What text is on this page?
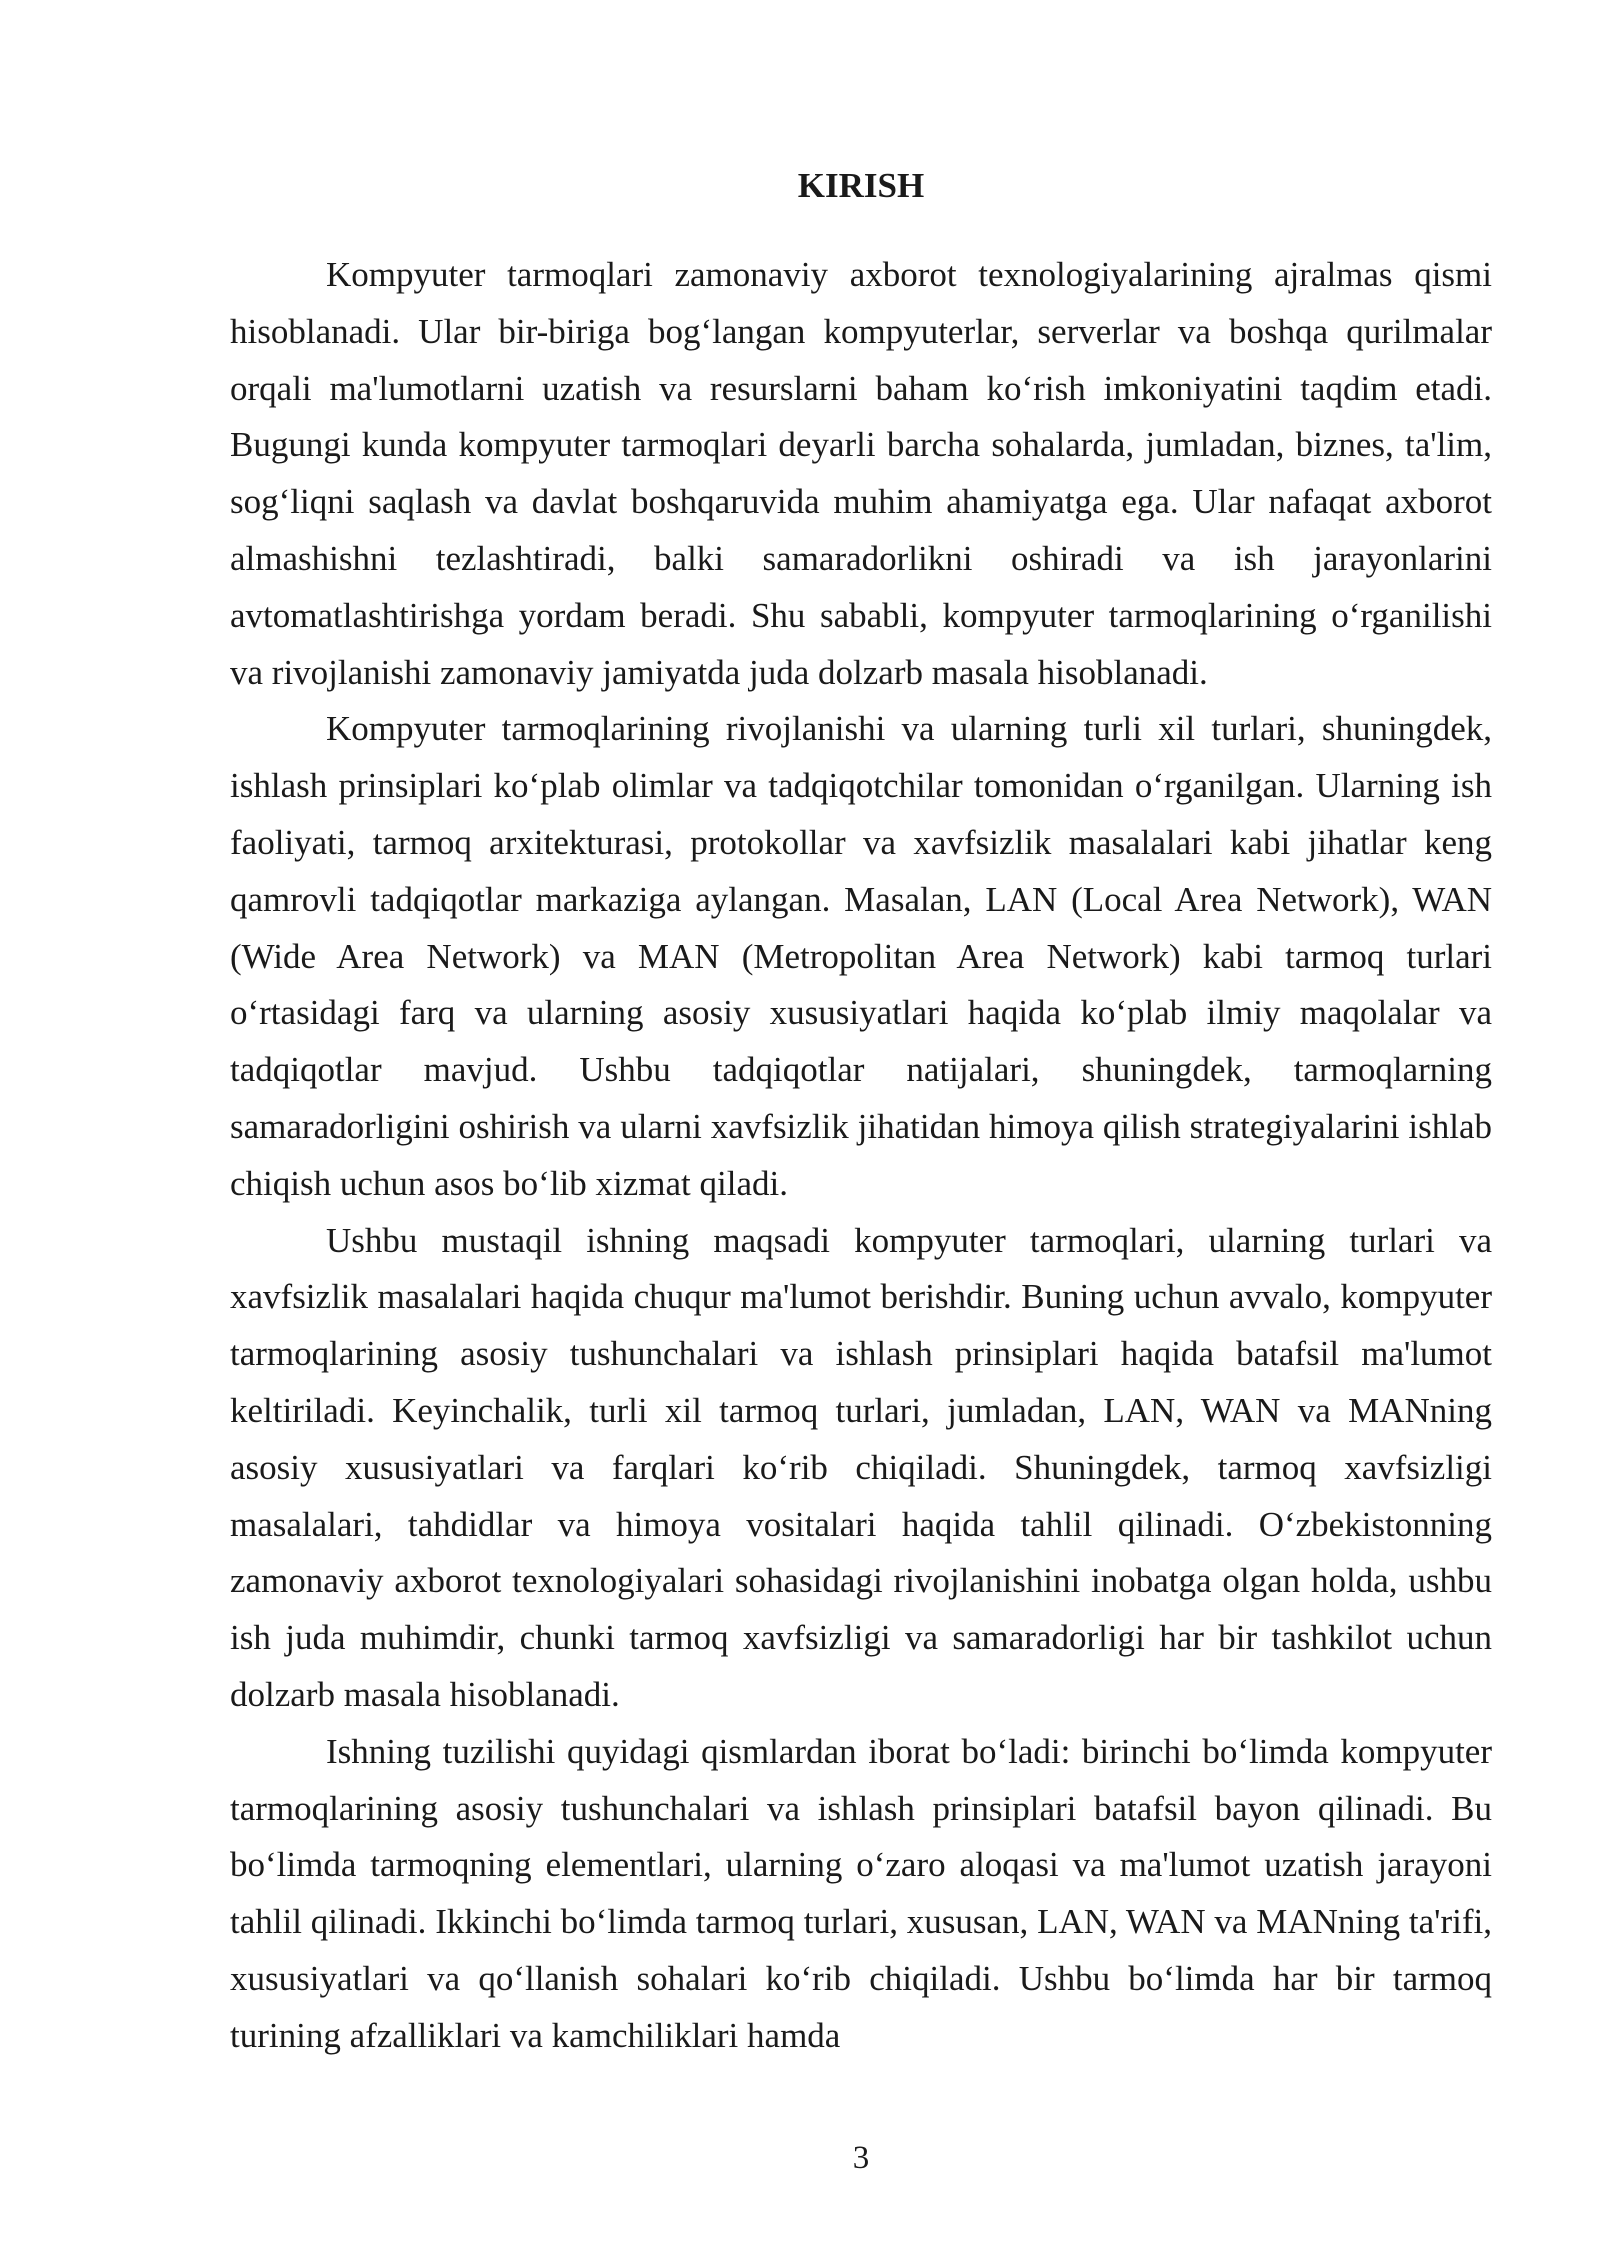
KIRISH

Kompyuter tarmoqlari zamonaviy axborot texnologiyalarining ajralmas qismi hisoblanadi. Ular bir-biriga bog‘langan kompyuterlar, serverlar va boshqa qurilmalar orqali ma'lumotlarni uzatish va resurslarni baham ko‘rish imkoniyatini taqdim etadi. Bugungi kunda kompyuter tarmoqlari deyarli barcha sohalarda, jumladan, biznes, ta'lim, sog‘liqni saqlash va davlat boshqaruvida muhim ahamiyatga ega. Ular nafaqat axborot almashishni tezlashtiradi, balki samaradorlikni oshiradi va ish jarayonlarini avtomatlashtirishga yordam beradi. Shu sababli, kompyuter tarmoqlarining o‘rganilishi va rivojlanishi zamonaviy jamiyatda juda dolzarb masala hisoblanadi.

Kompyuter tarmoqlarining rivojlanishi va ularning turli xil turlari, shuningdek, ishlash prinsiplari ko‘plab olimlar va tadqiqotchilar tomonidan o‘rganilgan. Ularning ish faoliyati, tarmoq arxitekturasi, protokollar va xavfsizlik masalalari kabi jihatlar keng qamrovli tadqiqotlar markaziga aylangan. Masalan, LAN (Local Area Network), WAN (Wide Area Network) va MAN (Metropolitan Area Network) kabi tarmoq turlari o‘rtasidagi farq va ularning asosiy xususiyatlari haqida ko‘plab ilmiy maqolalar va tadqiqotlar mavjud. Ushbu tadqiqotlar natijalari, shuningdek, tarmoqlarning samaradorligini oshirish va ularni xavfsizlik jihatidan himoya qilish strategiyalarini ishlab chiqish uchun asos bo‘lib xizmat qiladi.

Ushbu mustaqil ishning maqsadi kompyuter tarmoqlari, ularning turlari va xavfsizlik masalalari haqida chuqur ma'lumot berishdir. Buning uchun avvalo, kompyuter tarmoqlarining asosiy tushunchalari va ishlash prinsiplari haqida batafsil ma'lumot keltiriladi. Keyinchalik, turli xil tarmoq turlari, jumladan, LAN, WAN va MANning asosiy xususiyatlari va farqlari ko‘rib chiqiladi. Shuningdek, tarmoq xavfsizligi masalalari, tahdidlar va himoya vositalari haqida tahlil qilinadi. O‘zbekistonning zamonaviy axborot texnologiyalari sohasidagi rivojlanishini inobatga olgan holda, ushbu ish juda muhimdir, chunki tarmoq xavfsizligi va samaradorligi har bir tashkilot uchun dolzarb masala hisoblanadi.

Ishning tuzilishi quyidagi qismlardan iborat bo‘ladi: birinchi bo‘limda kompyuter tarmoqlarining asosiy tushunchalari va ishlash prinsiplari batafsil bayon qilinadi. Bu bo‘limda tarmoqning elementlari, ularning o‘zaro aloqasi va ma'lumot uzatish jarayoni tahlil qilinadi. Ikkinchi bo‘limda tarmoq turlari, xususan, LAN, WAN va MANning ta'rifi, xususiyatlari va qo‘llanish sohalari ko‘rib chiqiladi. Ushbu bo‘limda har bir tarmoq turining afzalliklari va kamchiliklari hamda

3
